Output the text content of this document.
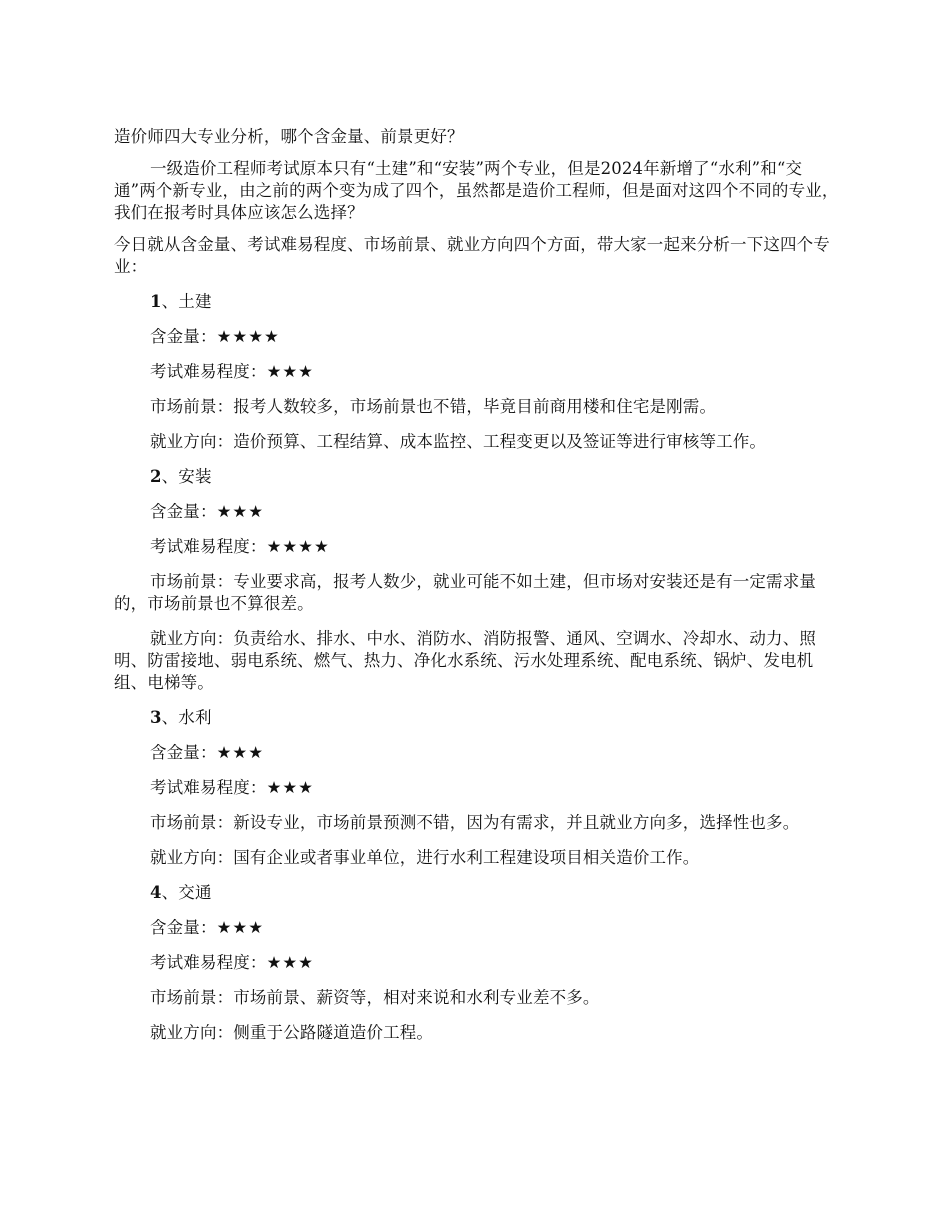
造价师四大专业分析，哪个含金量、前景更好？

一级造价工程师考试原本只有“土建”和“安装”两个专业，但是2024年新增了“水利”和“交通”两个新专业，由之前的两个变为成了四个，虽然都是造价工程师，但是面对这四个不同的专业，我们在报考时具体应该怎么选择？

今日就从含金量、考试难易程度、市场前景、就业方向四个方面，带大家一起来分析一下这四个专业：

1、土建

含金量：★★★★

考试难易程度：★★★

市场前景：报考人数较多，市场前景也不错，毕竟目前商用楼和住宅是刚需。

就业方向：造价预算、工程结算、成本监控、工程变更以及签证等进行审核等工作。

2、安装

含金量：★★★

考试难易程度：★★★★

市场前景：专业要求高，报考人数少，就业可能不如土建，但市场对安装还是有一定需求量的，市场前景也不算很差。

就业方向：负责给水、排水、中水、消防水、消防报警、通风、空调水、冷却水、动力、照明、防雷接地、弱电系统、燃气、热力、净化水系统、污水处理系统、配电系统、锅炉、发电机组、电梯等。

3、水利

含金量：★★★

考试难易程度：★★★

市场前景：新设专业，市场前景预测不错，因为有需求，并且就业方向多，选择性也多。

就业方向：国有企业或者事业单位，进行水利工程建设项目相关造价工作。

4、交通

含金量：★★★

考试难易程度：★★★

市场前景：市场前景、薪资等，相对来说和水利专业差不多。

就业方向：侧重于公路隧道造价工程。
